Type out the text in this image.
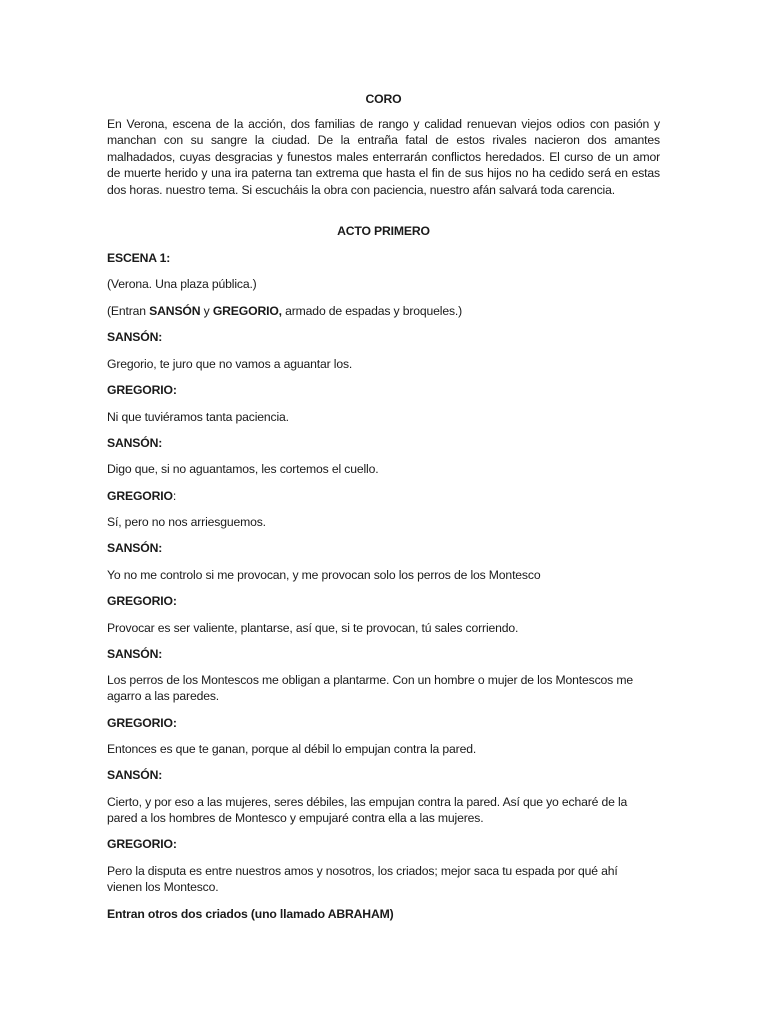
CORO
En Verona, escena de la acción, dos familias de rango y calidad renuevan viejos odios con pasión y manchan con su sangre la ciudad. De la entraña fatal de estos rivales nacieron dos amantes malhadados, cuyas desgracias y funestos males enterrarán conflictos heredados. El curso de un amor de muerte herido y una ira paterna tan extrema que hasta el fin de sus hijos no ha cedido será en estas dos horas. nuestro tema. Si escucháis la obra con paciencia, nuestro afán salvará toda carencia.
ACTO PRIMERO
ESCENA 1:
(Verona. Una plaza pública.)
(Entran SANSÓN y GREGORIO, armado de espadas y broqueles.)
SANSÓN:
Gregorio, te juro que no vamos a aguantar los.
GREGORIO:
Ni que tuviéramos tanta paciencia.
SANSÓN:
Digo que, si no aguantamos, les cortemos el cuello.
GREGORIO:
Sí, pero no nos arriesguemos.
SANSÓN:
Yo no me controlo si me provocan, y me provocan solo los perros de los Montesco
GREGORIO:
Provocar es ser valiente, plantarse, así que, si te provocan, tú sales corriendo.
SANSÓN:
Los perros de los Montescos me obligan a plantarme. Con un hombre o mujer de los Montescos me agarro a las paredes.
GREGORIO:
Entonces es que te ganan, porque al débil lo empujan contra la pared.
SANSÓN:
Cierto, y por eso a las mujeres, seres débiles, las empujan contra la pared. Así que yo echaré de la pared a los hombres de Montesco y empujaré contra ella a las mujeres.
GREGORIO:
Pero la disputa es entre nuestros amos y nosotros, los criados; mejor saca tu espada por qué ahí vienen los Montesco.
Entran otros dos criados (uno llamado ABRAHAM)
